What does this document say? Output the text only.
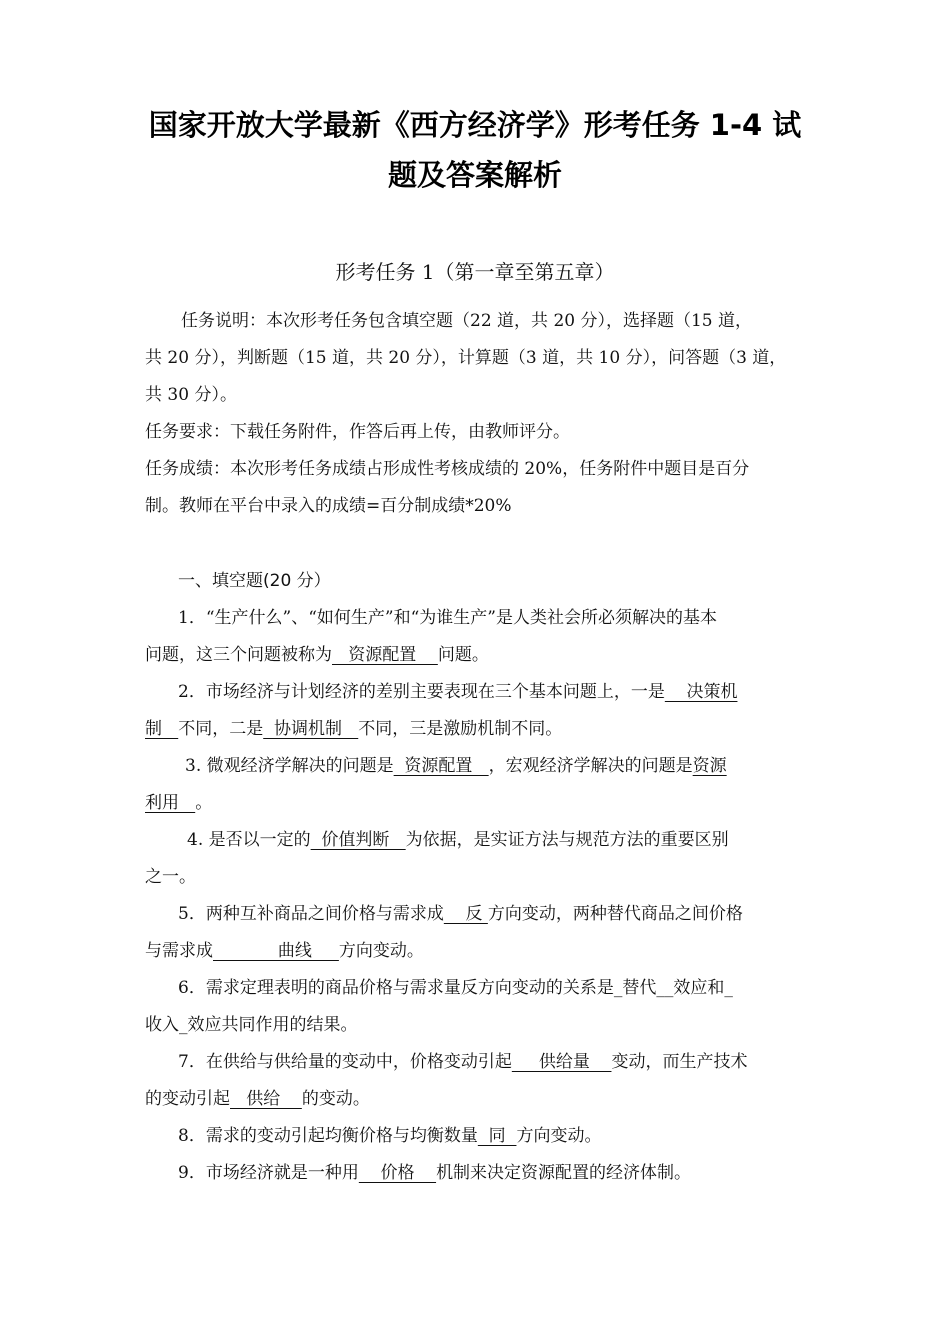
国家开放大学最新《西方经济学》形考任务 1-4 试
题及答案解析
形考任务 1（第一章至第五章）
任务说明：本次形考任务包含填空题（22 道，共 20 分），选择题（15 道，
共 20 分），判断题（15 道，共 20 分），计算题（3 道，共 10 分），问答题（3 道，
共 30 分）。
任务要求：下载任务附件，作答后再上传，由教师评分。
任务成绩：本次形考任务成绩占形成性考核成绩的 20%，任务附件中题目是百分
制。教师在平台中录入的成绩=百分制成绩*20%
一、填空题(20 分）
1．“生产什么”、“如何生产”和“为谁生产”是人类社会所必须解决的基本
问题，这三个问题被称为   资源配置    问题。
2．市场经济与计划经济的差别主要表现在三个基本问题上，一是    决策机
制   不同，二是  协调机制   不同，三是激励机制不同。
3. 微观经济学解决的问题是  资源配置   ，宏观经济学解决的问题是资源
利用   。
4. 是否以一定的  价值判断   为依据，是实证方法与规范方法的重要区别
之一。
5．两种互补商品之间价格与需求成    反 方向变动，两种替代商品之间价格
与需求成            曲线     方向变动。
6．需求定理表明的商品价格与需求量反方向变动的关系是_替代__效应和_
收入_效应共同作用的结果。
7．在供给与供给量的变动中，价格变动引起     供给量    变动，而生产技术
的变动引起   供给    的变动。
8．需求的变动引起均衡价格与均衡数量  同  方向变动。
9．市场经济就是一种用    价格    机制来决定资源配置的经济体制。
